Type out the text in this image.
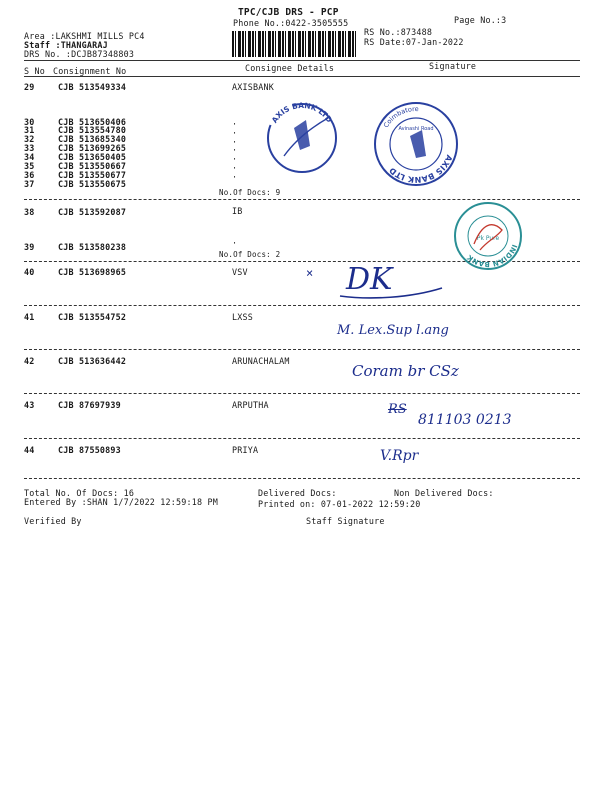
TPC/CJB DRS - PCP
Phone No.:0422-3505555	Page No.:3
Area :LAKSHMI MILLS PC4
Staff :THANGARAJ
DRS No. :DCJB87348803
RS No.:873488
RS Date:07-Jan-2022
S No Consignment No	Consignee Details	Signature
29	CJB 513549334	AXISBANK
30	CJB 513650406
31	CJB 513554780
32	CJB 513685340
33	CJB 513699265
34	CJB 513650405
35	CJB 513550667
36	CJB 513550677
37	CJB 513550675
·
·
·
·
·
·
·
No.Of Docs: 9
38	CJB 513592087	IB
39	CJB 513580238	·
No.Of Docs: 2
40	CJB 513698965	VSV
41	CJB 513554752	LXSS
42	CJB 513636442	ARUNACHALAM
43	CJB 87697939	ARPUTHA
44	CJB 87550893	PRIYA
AXIS BANK LTD
AXIS BANK LTD
Coimbatore
Avinashi Road
INDIAN BANK
Pk Pure
× DK
M. Lex.Sup l.ang
Coram br CSz
RS
811103 0213
V.Rpr
Total No. Of Docs: 16	Delivered Docs:	Non Delivered Docs:
Entered By :SHAN 1/7/2022 12:59:18 PM	Printed on: 07-01-2022 12:59:20
Verified By	Staff Signature
